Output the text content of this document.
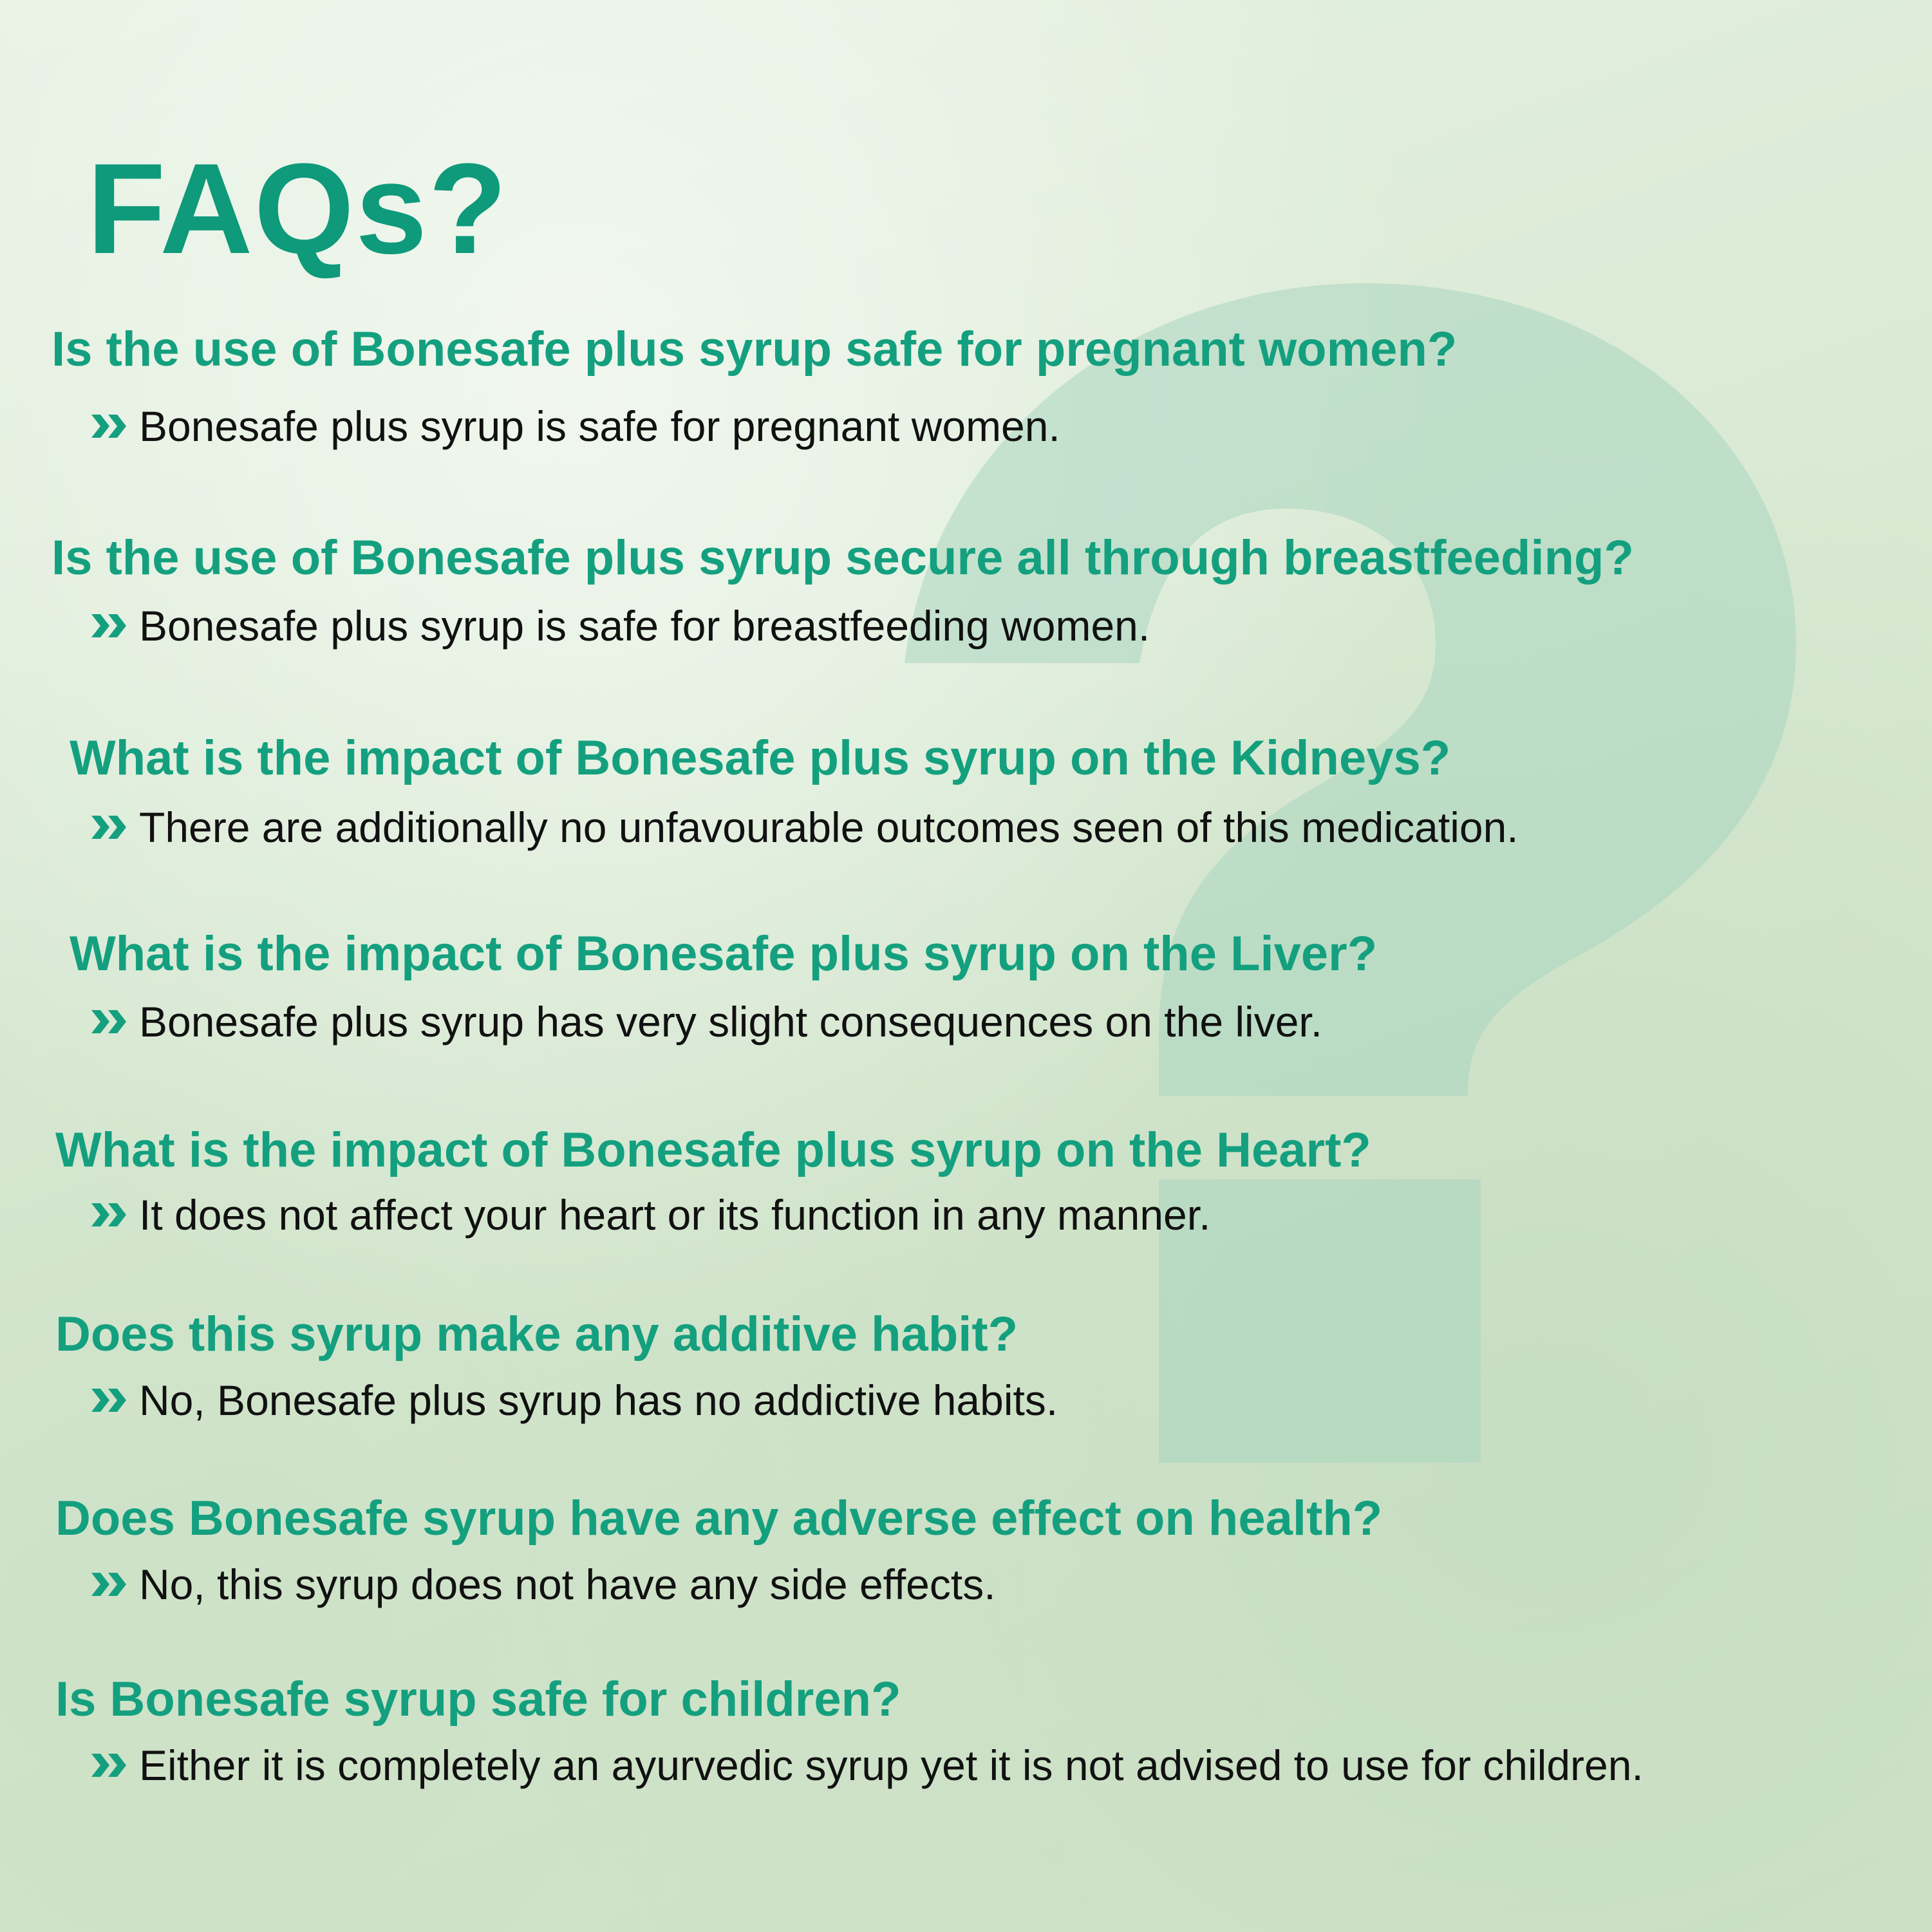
FAQs?
Is the use of Bonesafe plus syrup safe for pregnant women?

Bonesafe plus syrup is safe for pregnant women.

Is the use of Bonesafe plus syrup secure all through breastfeeding?

Bonesafe plus syrup is safe for breastfeeding women.

What is the impact of Bonesafe plus syrup on the Kidneys?

There are additionally no unfavourable outcomes seen of this medication.

What is the impact of Bonesafe plus syrup on the Liver?

Bonesafe plus syrup has very slight consequences on the liver.

What is the impact of Bonesafe plus syrup on the Heart?

It does not affect your heart or its function in any manner.

Does this syrup make any additive habit?

No, Bonesafe plus syrup has no addictive habits.

Does Bonesafe syrup have any adverse effect on health?

No, this syrup does not have any side effects.

Is Bonesafe syrup safe for children?

Either it is completely an ayurvedic syrup yet it is not advised to use for children.
